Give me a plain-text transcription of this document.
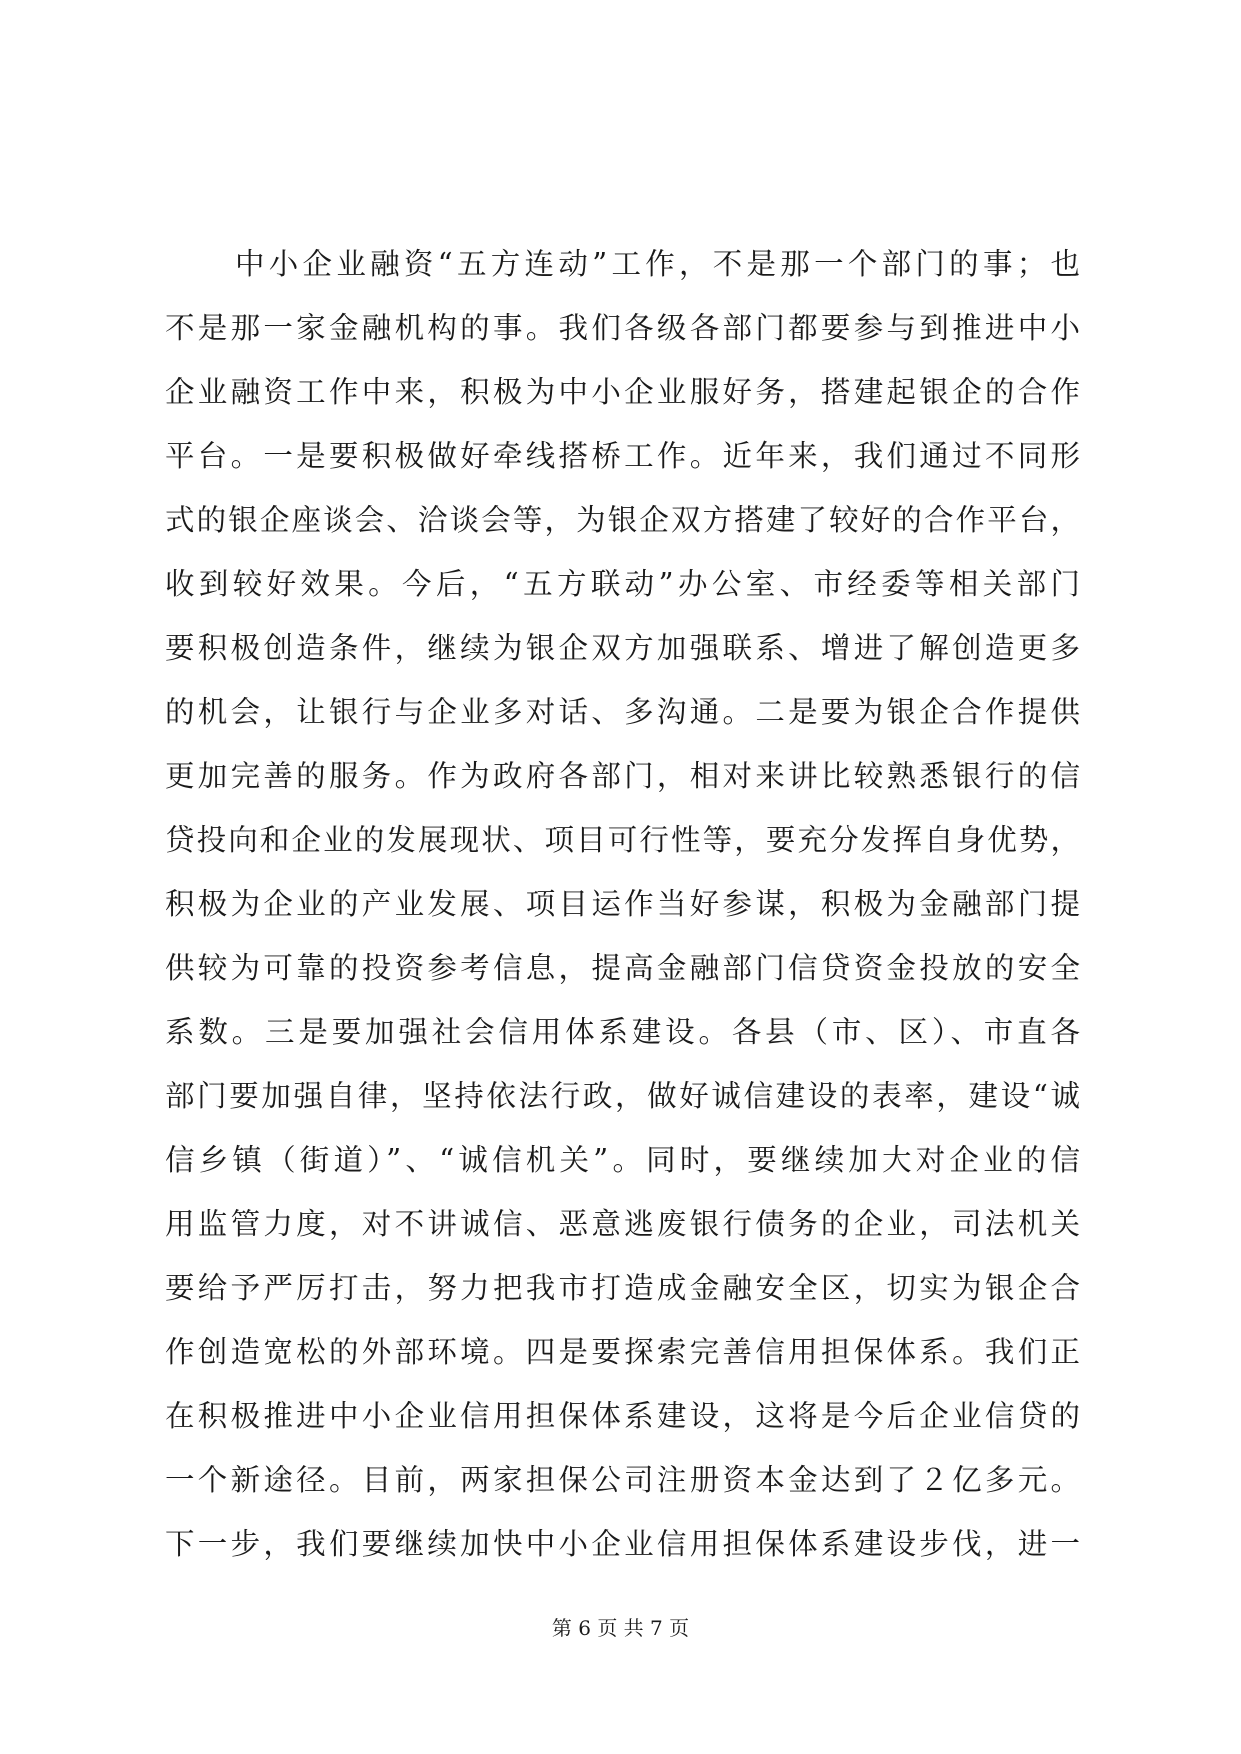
中小企业融资“五方连动”工作，不是那一个部门的事；也
不是那一家金融机构的事。我们各级各部门都要参与到推进中小
企业融资工作中来，积极为中小企业服好务，搭建起银企的合作
平台。一是要积极做好牵线搭桥工作。近年来，我们通过不同形
式的银企座谈会、洽谈会等，为银企双方搭建了较好的合作平台，
收到较好效果。今后，“五方联动”办公室、市经委等相关部门
要积极创造条件，继续为银企双方加强联系、增进了解创造更多
的机会，让银行与企业多对话、多沟通。二是要为银企合作提供
更加完善的服务。作为政府各部门，相对来讲比较熟悉银行的信
贷投向和企业的发展现状、项目可行性等，要充分发挥自身优势，
积极为企业的产业发展、项目运作当好参谋，积极为金融部门提
供较为可靠的投资参考信息，提高金融部门信贷资金投放的安全
系数。三是要加强社会信用体系建设。各县（市、区）、市直各
部门要加强自律，坚持依法行政，做好诚信建设的表率，建设“诚
信乡镇（街道）”、“诚信机关”。同时，要继续加大对企业的信
用监管力度，对不讲诚信、恶意逃废银行债务的企业，司法机关
要给予严厉打击，努力把我市打造成金融安全区，切实为银企合
作创造宽松的外部环境。四是要探索完善信用担保体系。我们正
在积极推进中小企业信用担保体系建设，这将是今后企业信贷的
一个新途径。目前，两家担保公司注册资本金达到了２亿多元。
下一步，我们要继续加快中小企业信用担保体系建设步伐，进一
第 6 页 共 7 页
